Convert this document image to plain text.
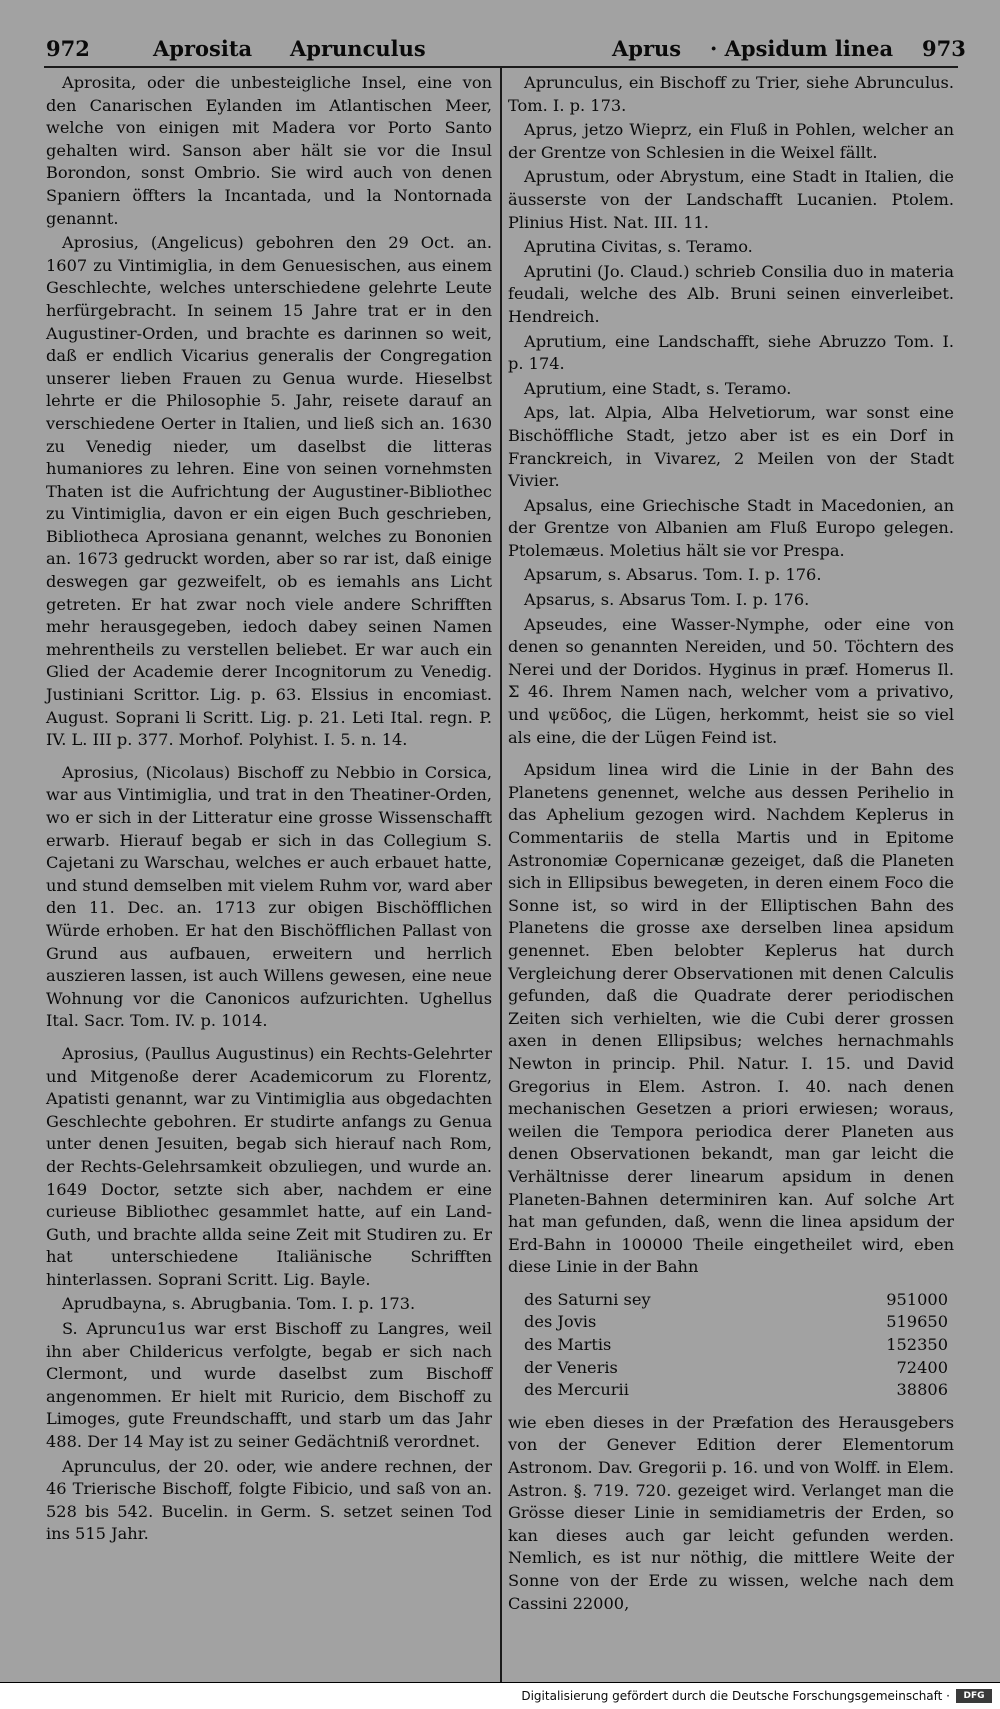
972	Aprosita Aprunculus	Aprus · Apsidum linea 973

Aprosita, oder die unbesteigliche Insel, eine von den Canarischen Eylanden im Atlantischen Meer, welche von einigen mit Madera vor Porto Santo gehalten wird. Sanson aber hält sie vor die Insul Borondon, sonst Ombrio. Sie wird auch von denen Spaniern öffters la Incantada, und la Nontornada genannt.

Aprosius, (Angelicus) gebohren den 29 Oct. an. 1607 zu Vintimiglia, in dem Genuesischen, aus einem Geschlechte, welches unterschiedene gelehrte Leute herfürgebracht. In seinem 15 Jahre trat er in den Augustiner-Orden, und brachte es darinnen so weit, daß er endlich Vicarius generalis der Congregation unserer lieben Frauen zu Genua wurde. Hieselbst lehrte er die Philosophie 5. Jahr, reisete darauf an verschiedene Oerter in Italien, und ließ sich an. 1630 zu Venedig nieder, um daselbst die litteras humaniores zu lehren. Eine von seinen vornehmsten Thaten ist die Aufrichtung der Augustiner-Bibliothec zu Vintimiglia, davon er ein eigen Buch geschrieben, Bibliotheca Aprosiana genannt, welches zu Bononien an. 1673 gedruckt worden, aber so rar ist, daß einige deswegen gar gezweifelt, ob es iemahls ans Licht getreten. Er hat zwar noch viele andere Schrifften mehr herausgegeben, iedoch dabey seinen Namen mehrentheils zu verstellen beliebet. Er war auch ein Glied der Academie derer Incognitorum zu Venedig. Justiniani Scrittor. Lig. p. 63. Elssius in encomiast. August. Soprani li Scritt. Lig. p. 21. Leti Ital. regn. P. IV. L. III p. 377. Morhof. Polyhist. I. 5. n. 14.

Aprosius, (Nicolaus) Bischoff zu Nebbio in Corsica, war aus Vintimiglia, und trat in den Theatiner-Orden, wo er sich in der Litteratur eine grosse Wissenschafft erwarb. Hierauf begab er sich in das Collegium S. Cajetani zu Warschau, welches er auch erbauet hatte, und stund demselben mit vielem Ruhm vor, ward aber den 11. Dec. an. 1713 zur obigen Bischöfflichen Würde erhoben. Er hat den Bischöfflichen Pallast von Grund aus aufbauen, erweitern und herrlich auszieren lassen, ist auch Willens gewesen, eine neue Wohnung vor die Canonicos aufzurichten. Ughellus Ital. Sacr. Tom. IV. p. 1014.

Aprosius, (Paullus Augustinus) ein Rechts-Gelehrter und Mitgenoße derer Academicorum zu Florentz, Apatisti genannt, war zu Vintimiglia aus obgedachten Geschlechte gebohren. Er studirte anfangs zu Genua unter denen Jesuiten, begab sich hierauf nach Rom, der Rechts-Gelehrsamkeit obzuliegen, und wurde an. 1649 Doctor, setzte sich aber, nachdem er eine curieuse Bibliothec gesammlet hatte, auf ein Land-Guth, und brachte allda seine Zeit mit Studiren zu. Er hat unterschiedene Italiänische Schrifften hinterlassen. Soprani Scritt. Lig. Bayle.

Aprudbayna, s. Abrugbania. Tom. I. p. 173.

S. Apruncu1us war erst Bischoff zu Langres, weil ihn aber Childericus verfolgte, begab er sich nach Clermont, und wurde daselbst zum Bischoff angenommen. Er hielt mit Ruricio, dem Bischoff zu Limoges, gute Freundschafft, und starb um das Jahr 488. Der 14 May ist zu seiner Gedächtniß verordnet.

Aprunculus, der 20. oder, wie andere rechnen, der 46 Trierische Bischoff, folgte Fibicio, und saß von an. 528 bis 542. Bucelin. in Germ. S. setzet seinen Tod ins 515 Jahr.

Aprunculus, ein Bischoff zu Trier, siehe Abrunculus. Tom. I. p. 173.

Aprus, jetzo Wieprz, ein Fluß in Pohlen, welcher an der Grentze von Schlesien in die Weixel fällt.

Aprustum, oder Abrystum, eine Stadt in Italien, die äusserste von der Landschafft Lucanien. Ptolem. Plinius Hist. Nat. III. 11.

Aprutina Civitas, s. Teramo.

Aprutini (Jo. Claud.) schrieb Consilia duo in materia feudali, welche des Alb. Bruni seinen einverleibet. Hendreich.

Aprutium, eine Landschafft, siehe Abruzzo Tom. I. p. 174.

Aprutium, eine Stadt, s. Teramo.

Aps, lat. Alpia, Alba Helvetiorum, war sonst eine Bischöffliche Stadt, jetzo aber ist es ein Dorf in Franckreich, in Vivarez, 2 Meilen von der Stadt Vivier.

Apsalus, eine Griechische Stadt in Macedonien, an der Grentze von Albanien am Fluß Europo gelegen. Ptolemæus. Moletius hält sie vor Prespa.

Apsarum, s. Absarus. Tom. I. p. 176.

Apsarus, s. Absarus Tom. I. p. 176.

Apseudes, eine Wasser-Nymphe, oder eine von denen so genannten Nereiden, und 50. Töchtern des Nerei und der Doridos. Hyginus in præf. Homerus Il. Σ 46. Ihrem Namen nach, welcher vom a privativo, und ψεῦδος, die Lügen, herkommt, heist sie so viel als eine, die der Lügen Feind ist.

Apsidum linea wird die Linie in der Bahn des Planetens genennet, welche aus dessen Perihelio in das Aphelium gezogen wird. Nachdem Keplerus in Commentariis de stella Martis und in Epitome Astronomiæ Copernicanæ gezeiget, daß die Planeten sich in Ellipsibus bewegeten, in deren einem Foco die Sonne ist, so wird in der Elliptischen Bahn des Planetens die grosse axe derselben linea apsidum genennet. Eben belobter Keplerus hat durch Vergleichung derer Observationen mit denen Calculis gefunden, daß die Quadrate derer periodischen Zeiten sich verhielten, wie die Cubi derer grossen axen in denen Ellipsibus; welches hernachmahls Newton in princip. Phil. Natur. I. 15. und David Gregorius in Elem. Astron. I. 40. nach denen mechanischen Gesetzen a priori erwiesen; woraus, weilen die Tempora periodica derer Planeten aus denen Observationen bekandt, man gar leicht die Verhältnisse derer linearum apsidum in denen Planeten-Bahnen determiniren kan. Auf solche Art hat man gefunden, daß, wenn die linea apsidum der Erd-Bahn in 100000 Theile eingetheilet wird, eben diese Linie in der Bahn

des Saturni sey	951000
des Jovis	519650
des Martis	152350
der Veneris	72400
des Mercurii	38806

wie eben dieses in der Præfation des Herausgebers von der Genever Edition derer Elementorum Astronom. Dav. Gregorii p. 16. und von Wolff. in Elem. Astron. §. 719. 720. gezeiget wird. Verlanget man die Grösse dieser Linie in semidiametris der Erden, so kan dieses auch gar leicht gefunden werden. Nemlich, es ist nur nöthig, die mittlere Weite der Sonne von der Erde zu wissen, welche nach dem Cassini 22000,

Digitalisierung gefördert durch die Deutsche Forschungsgemeinschaft ·	DFG
